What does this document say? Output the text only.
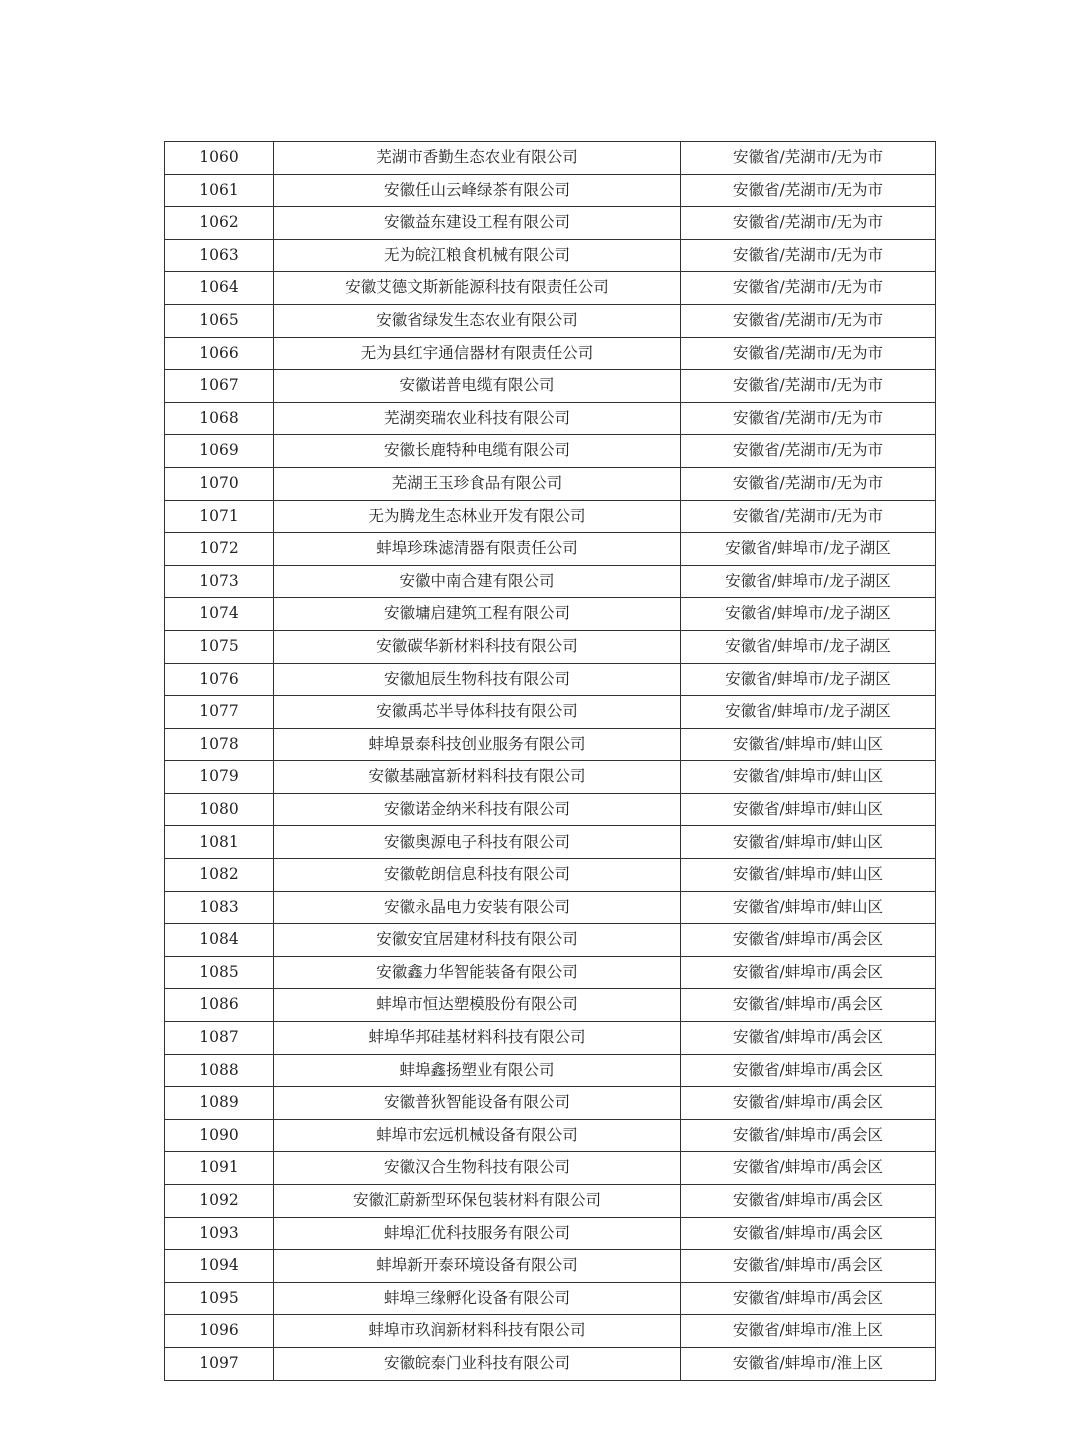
1060	芜湖市香勤生态农业有限公司	安徽省/芜湖市/无为市
1061	安徽任山云峰绿茶有限公司	安徽省/芜湖市/无为市
1062	安徽益东建设工程有限公司	安徽省/芜湖市/无为市
1063	无为皖江粮食机械有限公司	安徽省/芜湖市/无为市
1064	安徽艾德文斯新能源科技有限责任公司	安徽省/芜湖市/无为市
1065	安徽省绿发生态农业有限公司	安徽省/芜湖市/无为市
1066	无为县红宇通信器材有限责任公司	安徽省/芜湖市/无为市
1067	安徽诺普电缆有限公司	安徽省/芜湖市/无为市
1068	芜湖奕瑞农业科技有限公司	安徽省/芜湖市/无为市
1069	安徽长鹿特种电缆有限公司	安徽省/芜湖市/无为市
1070	芜湖王玉珍食品有限公司	安徽省/芜湖市/无为市
1071	无为腾龙生态林业开发有限公司	安徽省/芜湖市/无为市
1072	蚌埠珍珠滤清器有限责任公司	安徽省/蚌埠市/龙子湖区
1073	安徽中南合建有限公司	安徽省/蚌埠市/龙子湖区
1074	安徽墉启建筑工程有限公司	安徽省/蚌埠市/龙子湖区
1075	安徽碳华新材料科技有限公司	安徽省/蚌埠市/龙子湖区
1076	安徽旭辰生物科技有限公司	安徽省/蚌埠市/龙子湖区
1077	安徽禹芯半导体科技有限公司	安徽省/蚌埠市/龙子湖区
1078	蚌埠景泰科技创业服务有限公司	安徽省/蚌埠市/蚌山区
1079	安徽基融富新材料科技有限公司	安徽省/蚌埠市/蚌山区
1080	安徽诺金纳米科技有限公司	安徽省/蚌埠市/蚌山区
1081	安徽奥源电子科技有限公司	安徽省/蚌埠市/蚌山区
1082	安徽乾朗信息科技有限公司	安徽省/蚌埠市/蚌山区
1083	安徽永晶电力安装有限公司	安徽省/蚌埠市/蚌山区
1084	安徽安宜居建材科技有限公司	安徽省/蚌埠市/禹会区
1085	安徽鑫力华智能装备有限公司	安徽省/蚌埠市/禹会区
1086	蚌埠市恒达塑模股份有限公司	安徽省/蚌埠市/禹会区
1087	蚌埠华邦硅基材料科技有限公司	安徽省/蚌埠市/禹会区
1088	蚌埠鑫扬塑业有限公司	安徽省/蚌埠市/禹会区
1089	安徽普狄智能设备有限公司	安徽省/蚌埠市/禹会区
1090	蚌埠市宏远机械设备有限公司	安徽省/蚌埠市/禹会区
1091	安徽汉合生物科技有限公司	安徽省/蚌埠市/禹会区
1092	安徽汇蔚新型环保包装材料有限公司	安徽省/蚌埠市/禹会区
1093	蚌埠汇优科技服务有限公司	安徽省/蚌埠市/禹会区
1094	蚌埠新开泰环境设备有限公司	安徽省/蚌埠市/禹会区
1095	蚌埠三缘孵化设备有限公司	安徽省/蚌埠市/禹会区
1096	蚌埠市玖润新材料科技有限公司	安徽省/蚌埠市/淮上区
1097	安徽皖泰门业科技有限公司	安徽省/蚌埠市/淮上区
